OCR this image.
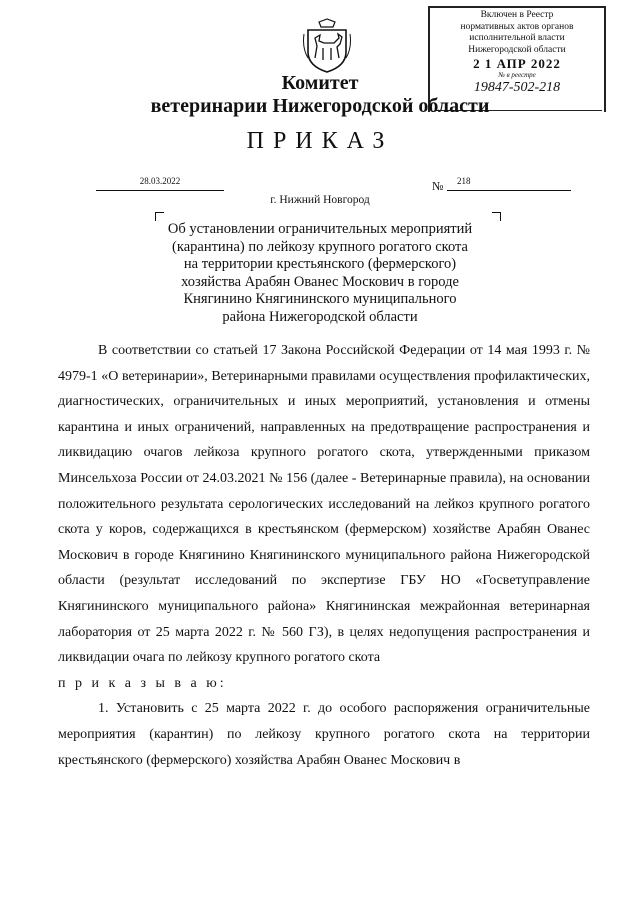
Включен в Реестр
нормативных актов органов
исполнительной власти
Нижегородской области
2 1 АПР 2022
№ в реестре
19847-502-218
Комитет
ветеринарии Нижегородской области
ПРИКАЗ
28.03.2022	№ 218
г. Нижний Новгород
Об установлении ограничительных мероприятий
(карантина) по лейкозу крупного рогатого скота
на территории крестьянского (фермерского)
хозяйства Арабян Ованес Москович в городе
Княгинино Княгининского муниципального
района Нижегородской области

В соответствии со статьей 17 Закона Российской Федерации от 14 мая 1993 г. № 4979-1 «О ветеринарии», Ветеринарными правилами осуществления профилактических, диагностических, ограничительных и иных мероприятий, установления и отмены карантина и иных ограничений, направленных на предотвращение распространения и ликвидацию очагов лейкоза крупного рогатого скота, утвержденными приказом Минсельхоза России от 24.03.2021 № 156 (далее - Ветеринарные правила), на основании положительного результата серологических исследований на лейкоз крупного рогатого скота у коров, содержащихся в крестьянском (фермерском) хозяйстве Арабян Ованес Москович в городе Княгинино Княгининского муниципального района Нижегородской области (результат исследований по экспертизе ГБУ НО «Госветуправление Княгининского муниципального района» Княгининская межрайонная ветеринарная лаборатория от 25 марта 2022 г. № 560 ГЗ), в целях недопущения распространения и ликвидации очага по лейкозу крупного рогатого скота

п р и к а з ы в а ю:

1. Установить с 25 марта 2022 г. до особого распоряжения ограничительные мероприятия (карантин) по лейкозу крупного рогатого скота на территории крестьянского (фермерского) хозяйства Арабян Ованес Москович в
